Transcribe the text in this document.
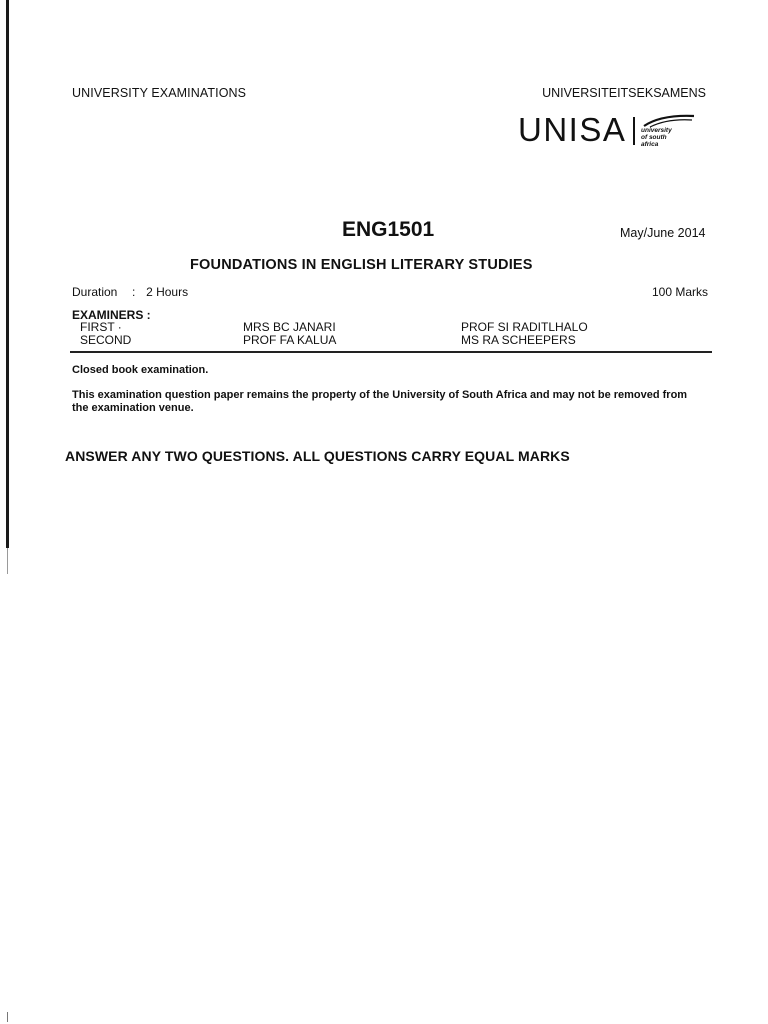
UNIVERSITY EXAMINATIONS	UNIVERSITEITSEKSAMENS
UNISA university
of south africa
ENG1501	May/June 2014
FOUNDATIONS IN ENGLISH LITERARY STUDIES
Duration : 2 Hours	100 Marks
EXAMINERS :
FIRST ·	MRS BC JANARI	PROF SI RADITLHALO
SECOND	PROF FA KALUA	MS RA SCHEEPERS
Closed book examination.
This examination question paper remains the property of the University of South Africa and may not be removed from the examination venue.
ANSWER ANY TWO QUESTIONS. ALL QUESTIONS CARRY EQUAL MARKS
